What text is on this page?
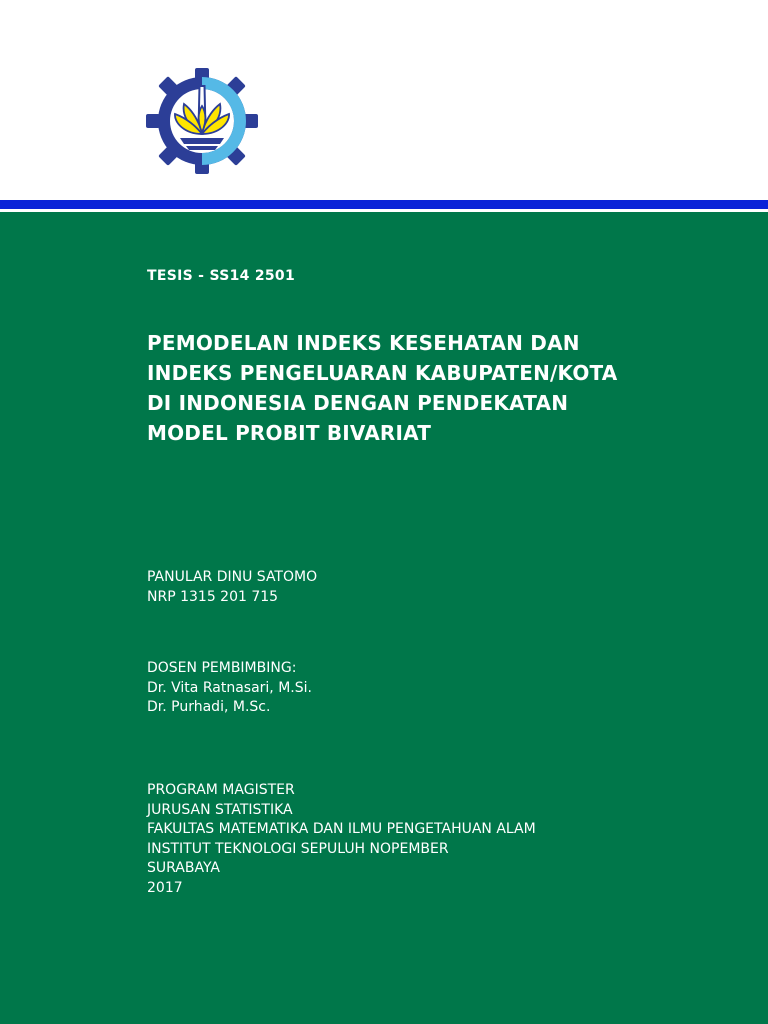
TESIS - SS14 2501
PEMODELAN INDEKS KESEHATAN DAN
INDEKS PENGELUARAN KABUPATEN/KOTA
DI INDONESIA DENGAN PENDEKATAN
MODEL PROBIT BIVARIAT
PANULAR DINU SATOMO
NRP 1315 201 715
DOSEN PEMBIMBING:
Dr. Vita Ratnasari, M.Si.
Dr. Purhadi, M.Sc.
PROGRAM MAGISTER
JURUSAN STATISTIKA
FAKULTAS MATEMATIKA DAN ILMU PENGETAHUAN ALAM
INSTITUT TEKNOLOGI SEPULUH NOPEMBER
SURABAYA
2017
